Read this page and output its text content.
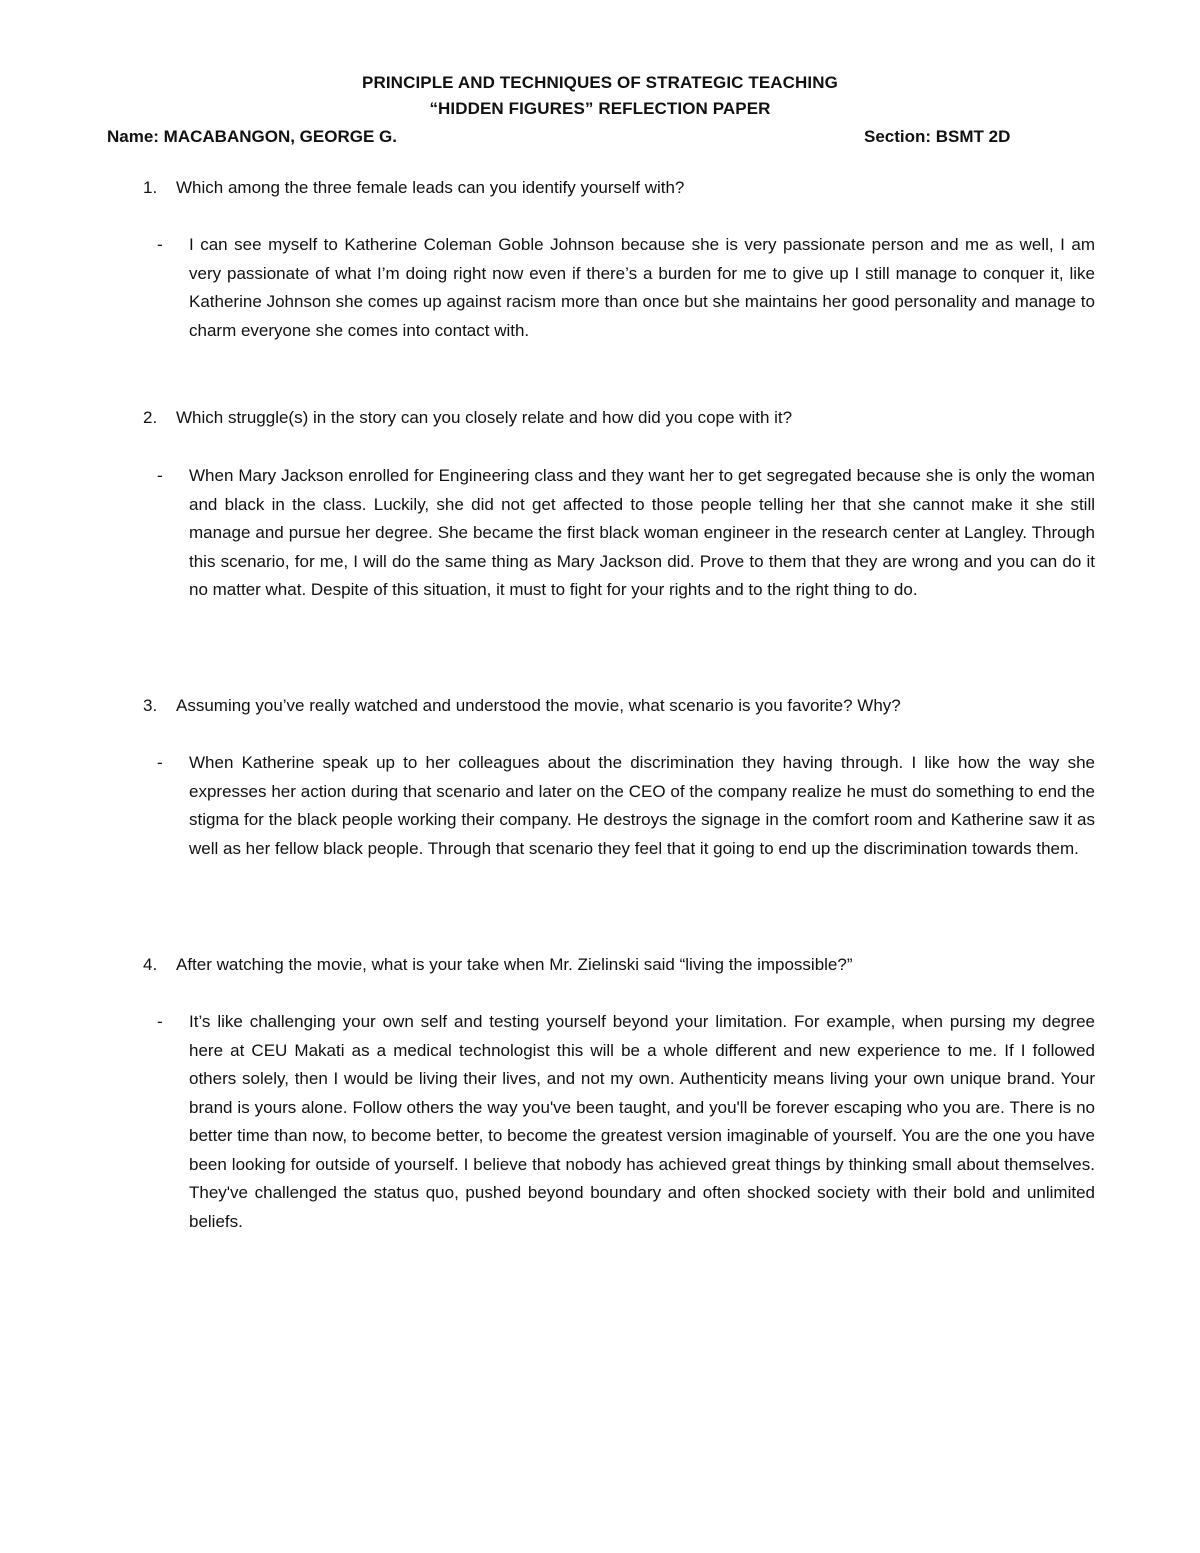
PRINCIPLE AND TECHNIQUES OF STRATEGIC TEACHING
“HIDDEN FIGURES” REFLECTION PAPER
Name: MACABANGON, GEORGE G.	Section: BSMT 2D
1. Which among the three female leads can you identify yourself with?
- I can see myself to Katherine Coleman Goble Johnson because she is very passionate person and me as well, I am very passionate of what I’m doing right now even if there’s a burden for me to give up I still manage to conquer it, like Katherine Johnson she comes up against racism more than once but she maintains her good personality and manage to charm everyone she comes into contact with.
2. Which struggle(s) in the story can you closely relate and how did you cope with it?
- When Mary Jackson enrolled for Engineering class and they want her to get segregated because she is only the woman and black in the class. Luckily, she did not get affected to those people telling her that she cannot make it she still manage and pursue her degree. She became the first black woman engineer in the research center at Langley. Through this scenario, for me, I will do the same thing as Mary Jackson did. Prove to them that they are wrong and you can do it no matter what. Despite of this situation, it must to fight for your rights and to the right thing to do.
3. Assuming you’ve really watched and understood the movie, what scenario is you favorite? Why?
- When Katherine speak up to her colleagues about the discrimination they having through. I like how the way she expresses her action during that scenario and later on the CEO of the company realize he must do something to end the stigma for the black people working their company. He destroys the signage in the comfort room and Katherine saw it as well as her fellow black people. Through that scenario they feel that it going to end up the discrimination towards them.
4. After watching the movie, what is your take when Mr. Zielinski said “living the impossible?”
- It’s like challenging your own self and testing yourself beyond your limitation. For example, when pursing my degree here at CEU Makati as a medical technologist this will be a whole different and new experience to me. If I followed others solely, then I would be living their lives, and not my own. Authenticity means living your own unique brand. Your brand is yours alone. Follow others the way you've been taught, and you'll be forever escaping who you are. There is no better time than now, to become better, to become the greatest version imaginable of yourself. You are the one you have been looking for outside of yourself. I believe that nobody has achieved great things by thinking small about themselves. They've challenged the status quo, pushed beyond boundary and often shocked society with their bold and unlimited beliefs.
